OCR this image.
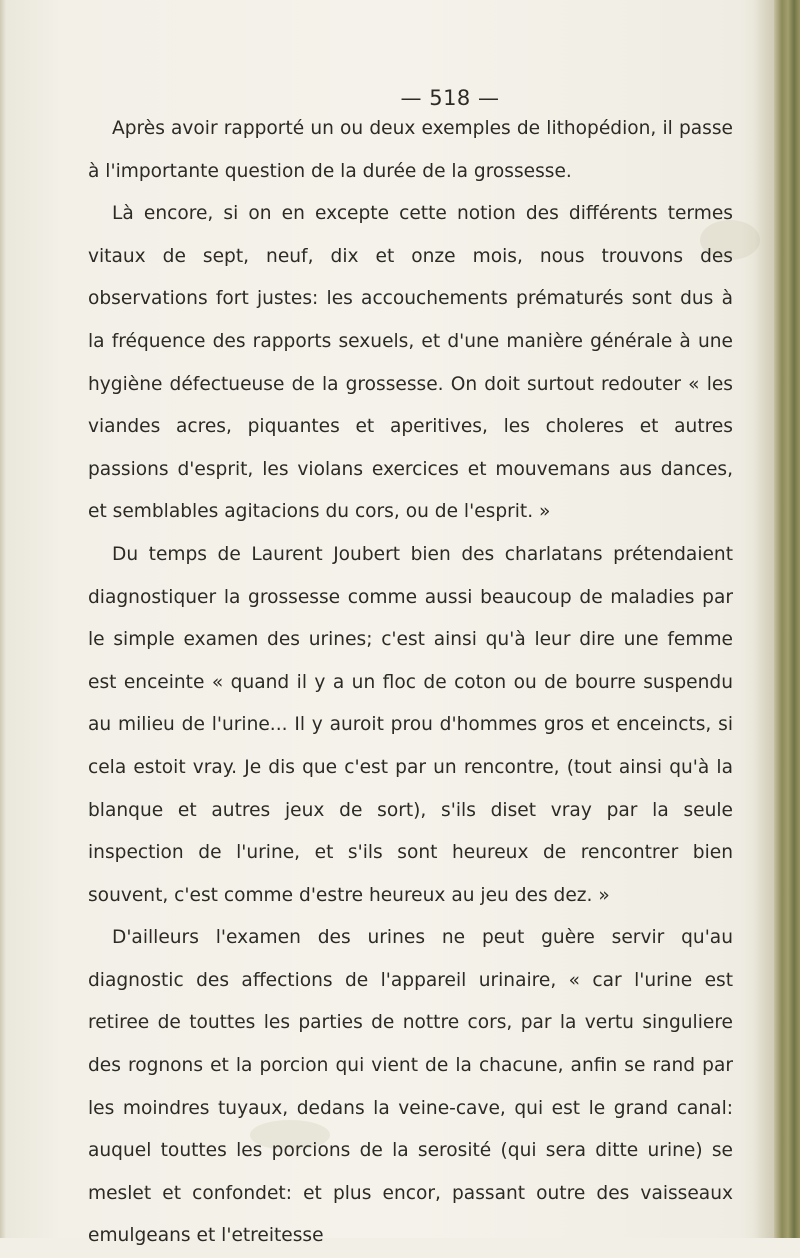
— 518 —

Après avoir rapporté un ou deux exemples de lithopédion, il passe à l'importante question de la durée de la grossesse.

Là encore, si on en excepte cette notion des différents termes vitaux de sept, neuf, dix et onze mois, nous trouvons des observations fort justes: les accouchements prématurés sont dus à la fréquence des rapports sexuels, et d'une manière générale à une hygiène défectueuse de la grossesse. On doit surtout redouter « les viandes acres, piquantes et aperitives, les choleres et autres passions d'esprit, les violans exercices et mouvemans aus dances, et semblables agitacions du cors, ou de l'esprit. »

Du temps de Laurent Joubert bien des charlatans prétendaient diagnostiquer la grossesse comme aussi beaucoup de maladies par le simple examen des urines; c'est ainsi qu'à leur dire une femme est enceinte « quand il y a un floc de coton ou de bourre suspendu au milieu de l'urine... Il y auroit prou d'hommes gros et enceincts, si cela estoit vray. Je dis que c'est par un rencontre, (tout ainsi qu'à la blanque et autres jeux de sort), s'ils diset vray par la seule inspection de l'urine, et s'ils sont heureux de rencontrer bien souvent, c'est comme d'estre heureux au jeu des dez. »

D'ailleurs l'examen des urines ne peut guère servir qu'au diagnostic des affections de l'appareil urinaire, « car l'urine est retiree de touttes les parties de nottre cors, par la vertu singuliere des rognons et la porcion qui vient de la chacune, anfin se rand par les moindres tuyaux, dedans la veine-cave, qui est le grand canal: auquel touttes les porcions de la serosité (qui sera ditte urine) se meslet et confondet: et plus encor, passant outre des vaisseaux emulgeans et l'etreitesse
